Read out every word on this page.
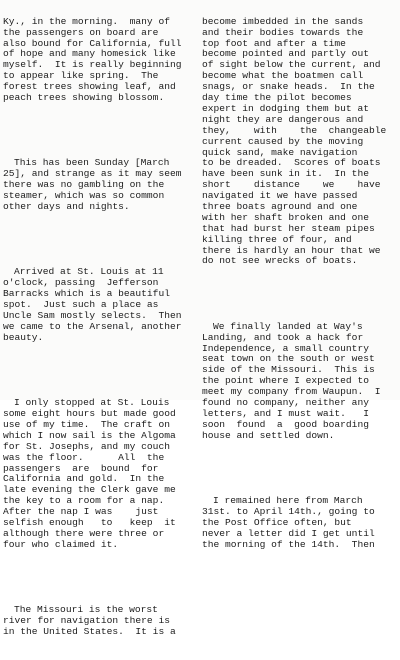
Ky., in the morning.  many of
the passengers on board are
also bound for California, full
of hope and many homesick like
myself.  It is really beginning
to appear like spring.  The
forest trees showing leaf, and
peach trees showing blossom.

This has been Sunday [March
25], and strange as it may seem
there was no gambling on the
steamer, which was so common
other days and nights.

Arrived at St. Louis at 11
o'clock, passing  Jefferson
Barracks which is a beautiful
spot.  Just such a place as
Uncle Sam mostly selects.  Then
we came to the Arsenal, another
beauty.

I only stopped at St. Louis
some eight hours but made good
use of my time.  The craft on
which I now sail is the Algoma
for St. Josephs, and my couch
was the floor.      All  the
passengers  are  bound  for
California and gold.  In the
late evening the Clerk gave me
the key to a room for a nap.
After the nap I was    just
selfish enough   to   keep  it
although there were three or
four who claimed it.

The Missouri is the worst
river for navigation there is
in the United States.  It is a

become imbedded in the sands
and their bodies towards the
top foot and after a time
become pointed and partly out
of sight below the current, and
become what the boatmen call
snags, or snake heads.  In the
day time the pilot becomes
expert in dodging them but at
night they are dangerous and
they,    with    the  changeable
current caused by the moving
quick sand, make navigation
to be dreaded.  Scores of boats
have been sunk in it.  In the
short    distance    we    have
navigated it we have passed
three boats aground and one
with her shaft broken and one
that had burst her steam pipes
killing three of four, and
there is hardly an hour that we
do not see wrecks of boats.

We finally landed at Way's
Landing, and took a hack for
Independence, a small country
seat town on the south or west
side of the Missouri.  This is
the point where I expected to
meet my company from Waupun.  I
found no company, neither any
letters, and I must wait.   I
soon  found  a  good boarding
house and settled down.

I remained here from March
31st. to April 14th., going to
the Post Office often, but
never a letter did I get until
the morning of the 14th.  Then
